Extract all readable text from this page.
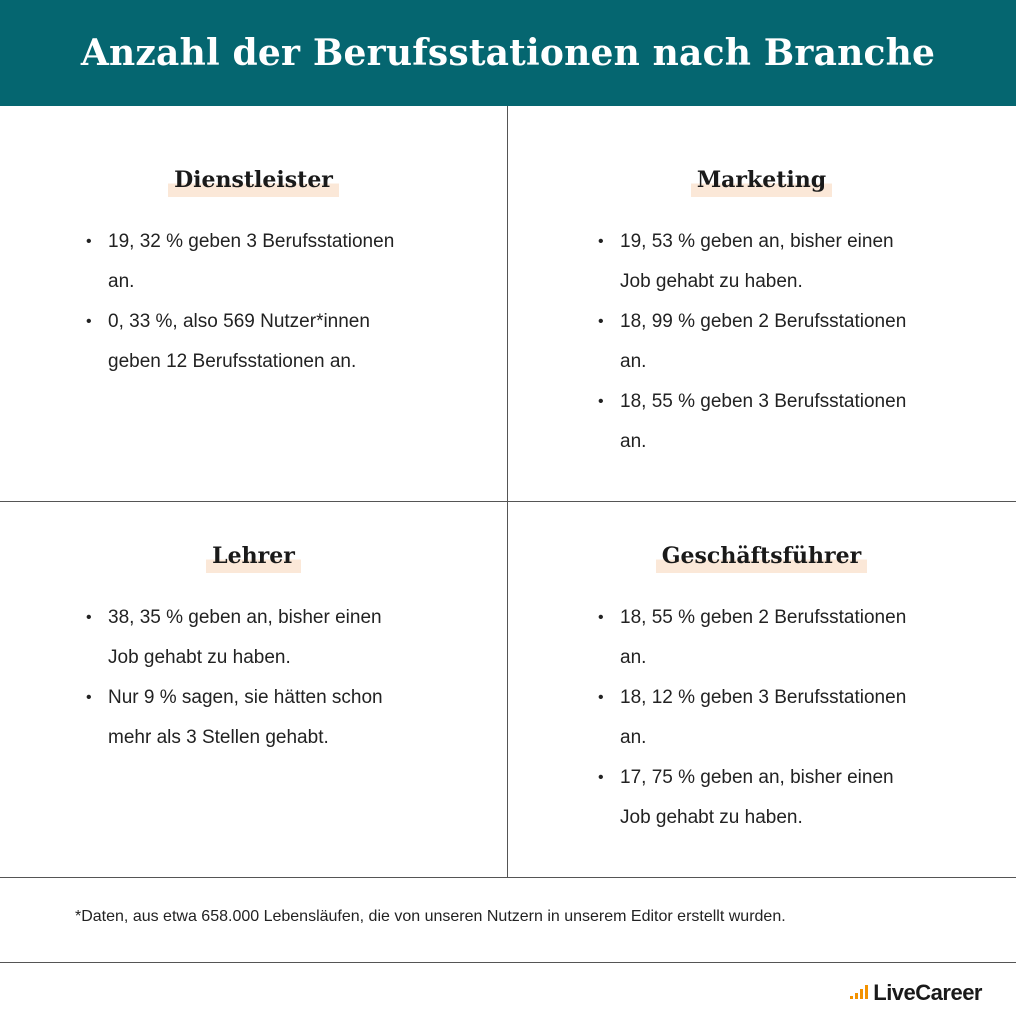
Anzahl der Berufsstationen nach Branche
Dienstleister
• 19, 32 % geben 3 Berufsstationen
an.
• 0, 33 %, also 569 Nutzer*innen
geben 12 Berufsstationen an.
Marketing
• 19, 53 % geben an, bisher einen
Job gehabt zu haben.
• 18, 99 % geben 2 Berufsstationen
an.
• 18, 55 % geben 3 Berufsstationen
an.
Lehrer
• 38, 35 % geben an, bisher einen
Job gehabt zu haben.
• Nur 9 % sagen, sie hätten schon
mehr als 3 Stellen gehabt.
Geschäftsführer
• 18, 55 % geben 2 Berufsstationen
an.
• 18, 12 % geben 3 Berufsstationen
an.
• 17, 75 % geben an, bisher einen
Job gehabt zu haben.
*Daten, aus etwa 658.000 Lebensläufen, die von unseren Nutzern in unserem Editor erstellt wurden.
LiveCareer
